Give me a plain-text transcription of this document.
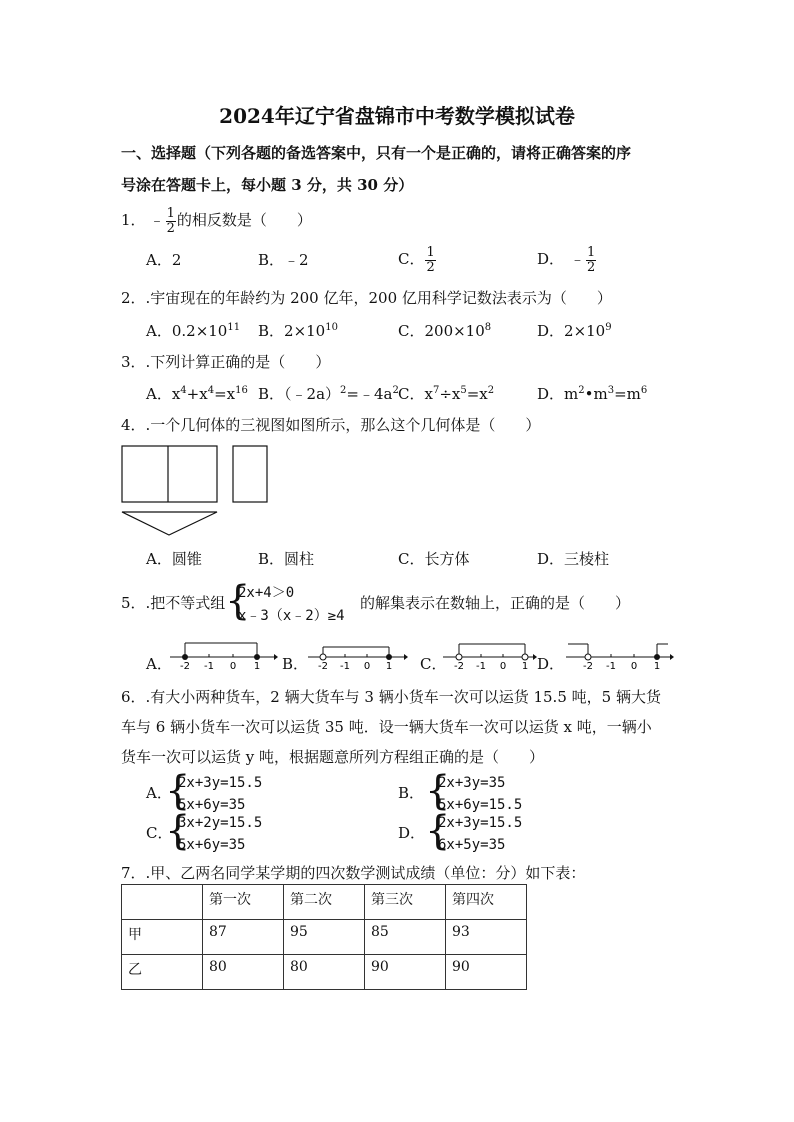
2024年辽宁省盘锦市中考数学模拟试卷
一、选择题（下列各题的备选答案中，只有一个是正确的，请将正确答案的序
号涂在答题卡上，每小题 3 分，共 30 分）
1． ﹣ $\frac{1}{2}$ 的相反数是（　　）
A．2	B．﹣2	C． $\frac{1}{2}$	D． ﹣ $\frac{1}{2}$
2．.宇宙现在的年龄约为 200 亿年，200 亿用科学记数法表示为（　　）
A．$0.2\times 10^{11}$ B．$2\times 10^{10}$	C．$200\times 10^8$	D．$2\times 10^9$
3．.下列计算正确的是（　　）
A．$x^4+x^4=x^{16}$ B．$(﹣2a)^2=﹣4a^2$ C．$x^7\div x^5=x^2$	D．$m^2•m^3=m^6$
4．.一个几何体的三视图如图所示，那么这个几何体是（　　）
A．圆锥	B．圆柱	C．长方体	D．三棱柱
5．.把不等式组 {
2x+4＞0
x﹣3（x﹣2）≥4
的解集表示在数轴上，正确的是（　　）
A．	B．	C．	D．
-2 -1 0 1	-2 -1 0 1	-2 -1 0 1	-2 -1 0 1
6．.有大小两种货车，2 辆大货车与 3 辆小货车一次可以运货 15.5 吨，5 辆大货
车与 6 辆小货车一次可以运货 35 吨．设一辆大货车一次可以运货 x 吨，一辆小
货车一次可以运货 y 吨，根据题意所列方程组正确的是（　　）
A．
{
2x+3y=15.5
5x+6y=35
B． {
2x+3y=35
5x+6y=15.5
C．
{
3x+2y=15.5
5x+6y=35
D． {
2x+3y=15.5
6x+5y=35
7．.甲、乙两名同学某学期的四次数学测试成绩（单位：分）如下表：
	第一次	第二次	第三次	第四次
甲	87	95	85	93
乙	80	80	90	90
